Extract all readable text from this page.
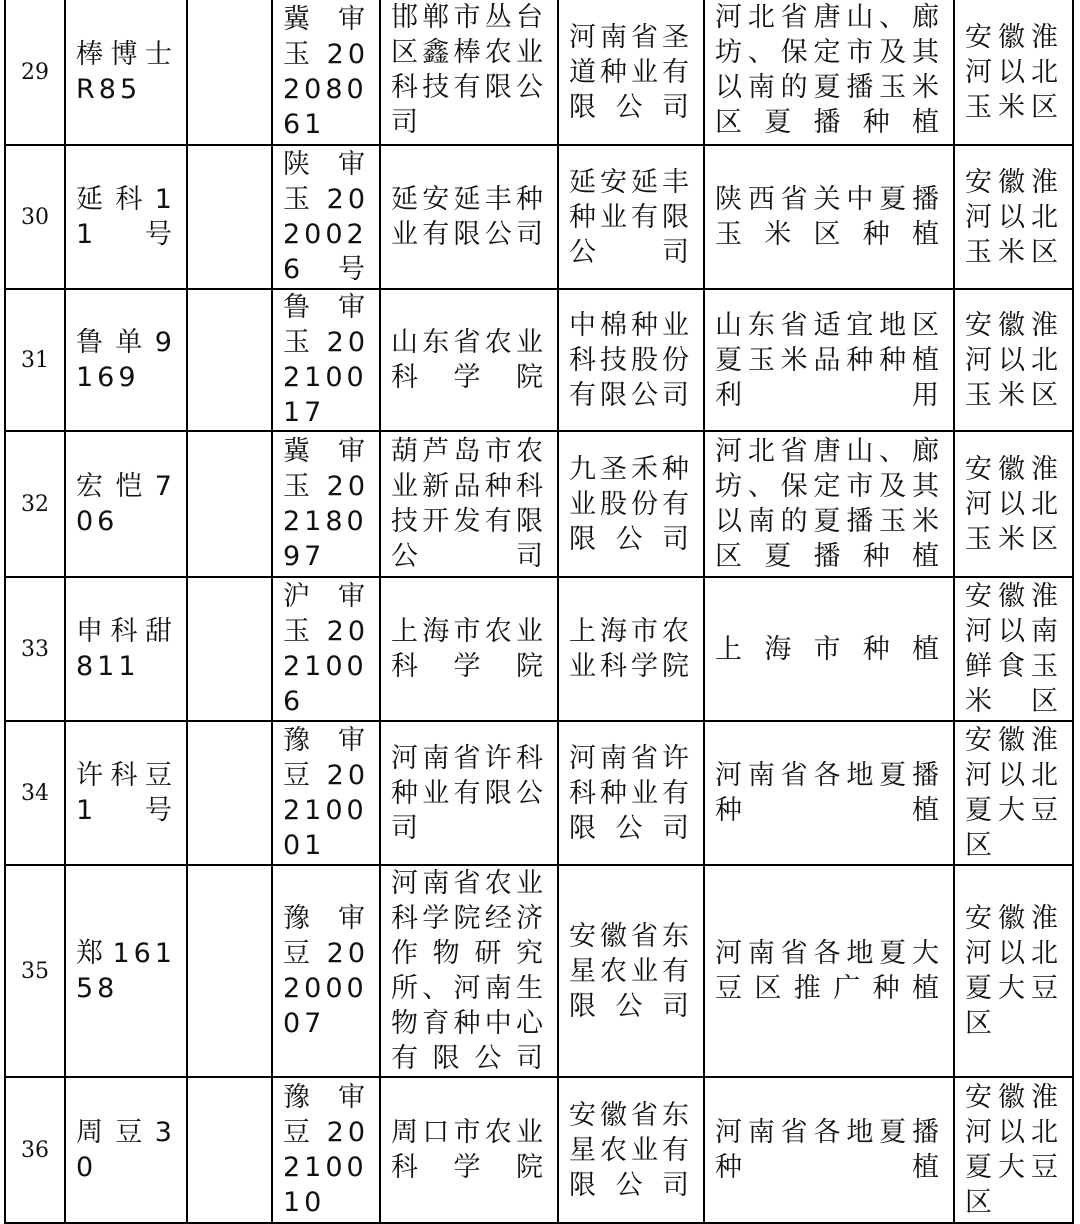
29	棒博士R85		冀审玉20208061	邯郸市丛台区鑫棒农业科技有限公司	河南省圣道种业有限公司	河北省唐山、廊坊、保定市及其以南的夏播玉米区夏播种植	安徽淮河以北玉米区
30	延科11号		陕审玉2020026号	延安延丰种业有限公司	延安延丰种业有限公司	陕西省关中夏播玉米区种植	安徽淮河以北玉米区
31	鲁单9169		鲁审玉20210017	山东省农业科学院	中棉种业科技股份有限公司	山东省适宜地区夏玉米品种种植利用	安徽淮河以北玉米区
32	宏恺706		冀审玉20218097	葫芦岛市农业新品种科技开发有限公司	九圣禾种业股份有限公司	河北省唐山、廊坊、保定市及其以南的夏播玉米区夏播种植	安徽淮河以北玉米区
33	申科甜811		沪审玉2021006	上海市农业科学院	上海市农业科学院	上海市种植	安徽淮河以南鲜食玉米区
34	许科豆1号		豫审豆20210001	河南省许科种业有限公司	河南省许科种业有限公司	河南省各地夏播种植	安徽淮河以北夏大豆区
35	郑16158		豫审豆20200007	河南省农业科学院经济作物研究所、河南生物育种中心有限公司	安徽省东星农业有限公司	河南省各地夏大豆区推广种植	安徽淮河以北夏大豆区
36	周豆30		豫审豆20210010	周口市农业科学院	安徽省东星农业有限公司	河南省各地夏播种植	安徽淮河以北夏大豆区
